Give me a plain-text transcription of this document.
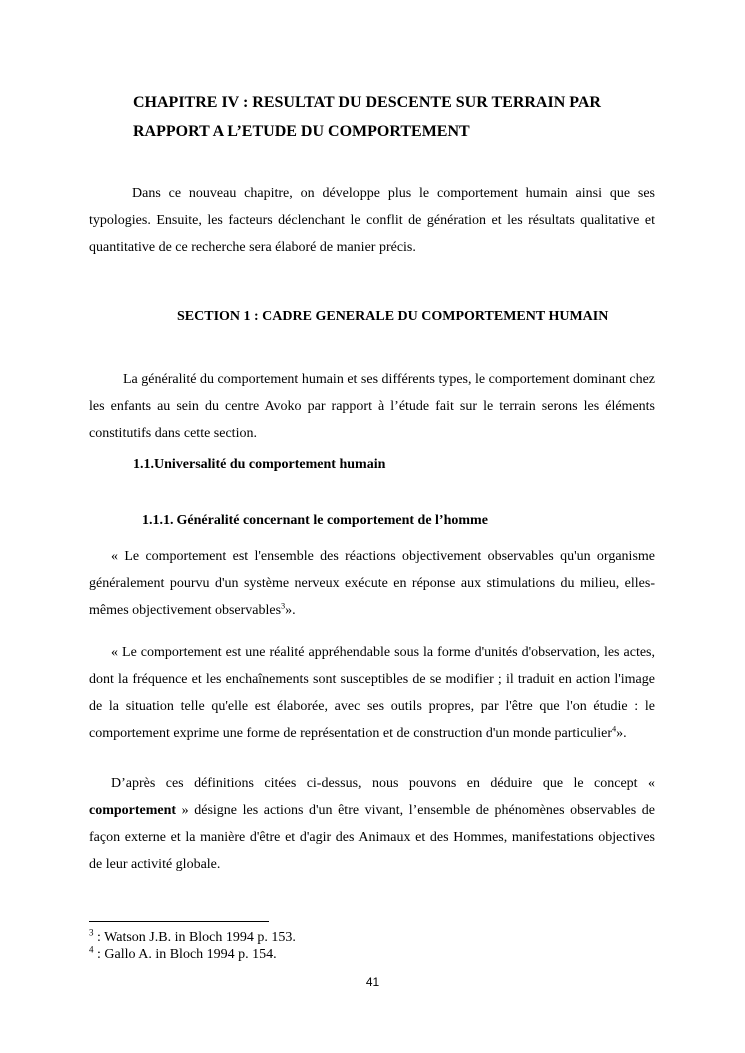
CHAPITRE IV : RESULTAT DU DESCENTE SUR TERRAIN PAR
RAPPORT A L’ETUDE DU COMPORTEMENT

Dans ce nouveau chapitre, on développe plus le comportement humain ainsi que ses typologies. Ensuite, les facteurs déclenchant le conflit de génération et les résultats qualitative et quantitative de ce recherche sera élaboré de manier précis.

SECTION 1 : CADRE GENERALE DU COMPORTEMENT HUMAIN

La généralité du comportement humain et ses différents types, le comportement dominant chez les enfants au sein du centre Avoko par rapport à l’étude fait sur le terrain serons les éléments constitutifs dans cette section.

1.1.Universalité du comportement humain

1.1.1. Généralité concernant le comportement de l’homme

« Le comportement est l'ensemble des réactions objectivement observables qu'un organisme généralement pourvu d'un système nerveux exécute en réponse aux stimulations du milieu, elles-mêmes objectivement observables$^3$».

« Le comportement est une réalité appréhendable sous la forme d'unités d'observation, les actes, dont la fréquence et les enchaînements sont susceptibles de se modifier ; il traduit en action l'image de la situation telle qu'elle est élaborée, avec ses outils propres, par l'être que l'on étudie : le comportement exprime une forme de représentation et de construction d'un monde particulier$^4$».

D’après ces définitions citées ci-dessus, nous pouvons en déduire que le concept « comportement » désigne les actions d'un être vivant, l’ensemble de phénomènes observables de façon externe et la manière d'être et d'agir des Animaux et des Hommes, manifestations objectives de leur activité globale.

$^3$ : Watson J.B. in Bloch 1994 p. 153.

$^4$ : Gallo A. in Bloch 1994 p. 154.

41
